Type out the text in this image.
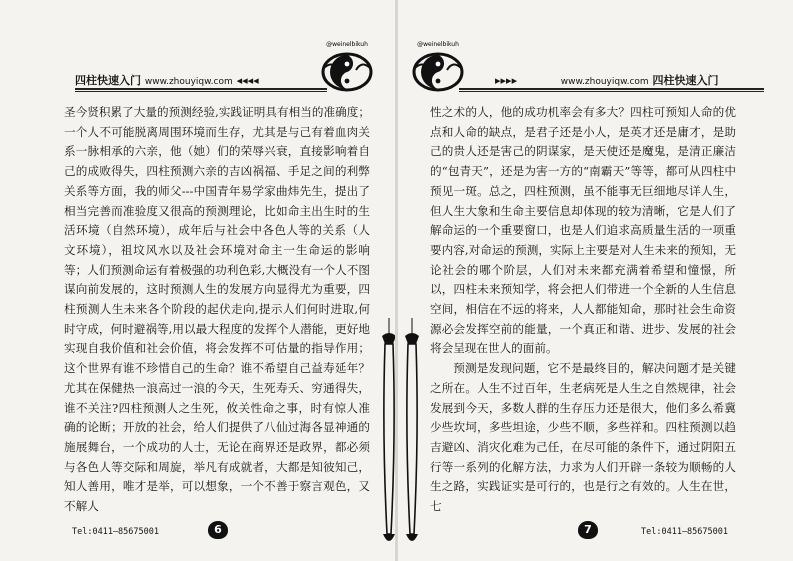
四柱快速入门 www.zhouyiqw.com ◂◂◂◂
@weinelbikuh

圣今贤积累了大量的预测经验,实践证明具有相当的准确度；一个人不可能脱离周围环境而生存，尤其是与己有着血肉关系一脉相承的六亲，他（她）们的荣辱兴衰，直接影响着自己的成败得失，四柱预测六亲的吉凶祸福、手足之间的利弊关系等方面，我的师父---中国青年易学家曲炜先生，提出了相当完善而准验度又很高的预测理论，比如命主出生时的生活环境（自然环境），成年后与社会中各色人等的关系（人文环境），祖坟风水以及社会环境对命主一生命运的影响等；人们预测命运有着极强的功利色彩,大概没有一个人不图谋向前发展的，这时预测人生的发展方向显得尤为重要，四柱预测人生未来各个阶段的起伏走向,提示人们何时进取,何时守成，何时避祸等,用以最大程度的发挥个人潜能，更好地实现自我价值和社会价值，将会发挥不可估量的指导作用；这个世界有谁不珍惜自己的生命？谁不希望自己益寿延年？尤其在保健热一浪高过一浪的今天，生死寿夭、穷通得失，谁不关注?四柱预测人之生死，攸关性命之事，时有惊人准确的论断；开放的社会，给人们提供了八仙过海各显神通的施展舞台，一个成功的人士，无论在商界还是政界，都必须与各色人等交际和周旋，举凡有成就者，大都是知彼知己，知人善用，唯才是举，可以想象，一个不善于察言观色，又不解人

Tel:0411—85675001	6
@weinelbikuh
▸▸▸▸	www.zhouyiqw.com 四柱快速入门

性之术的人，他的成功机率会有多大？四柱可预知人命的优点和人命的缺点，是君子还是小人，是英才还是庸才，是助己的贵人还是害己的阴谋家，是天使还是魔鬼，是清正廉洁的“包青天”，还是为害一方的“南霸天”等等，都可从四柱中预见一斑。总之，四柱预测，虽不能事无巨细地尽详人生，但人生大象和生命主要信息却体现的较为清晰，它是人们了解命运的一个重要窗口，也是人们追求高质量生活的一项重要内容,对命运的预测，实际上主要是对人生未来的预知，无论社会的哪个阶层，人们对未来都充满着希望和憧憬，所以，四柱未来预知学，将会把人们带进一个全新的人生信息空间，相信在不远的将来，人人都能知命，那时社会生命资源必会发挥空前的能量，一个真正和谐、进步、发展的社会将会呈现在世人的面前。

预测是发现问题，它不是最终目的，解决问题才是关键之所在。人生不过百年，生老病死是人生之自然规律，社会发展到今天，多数人群的生存压力还是很大，他们多么希冀少些坎坷，多些坦途，少些不顺，多些祥和。四柱预测以趋吉避凶、消灾化难为己任，在尽可能的条件下，通过阴阳五行等一系列的化解方法，力求为人们开辟一条较为顺畅的人生之路，实践证实是可行的，也是行之有效的。人生在世，七

7	Tel:0411—85675001
